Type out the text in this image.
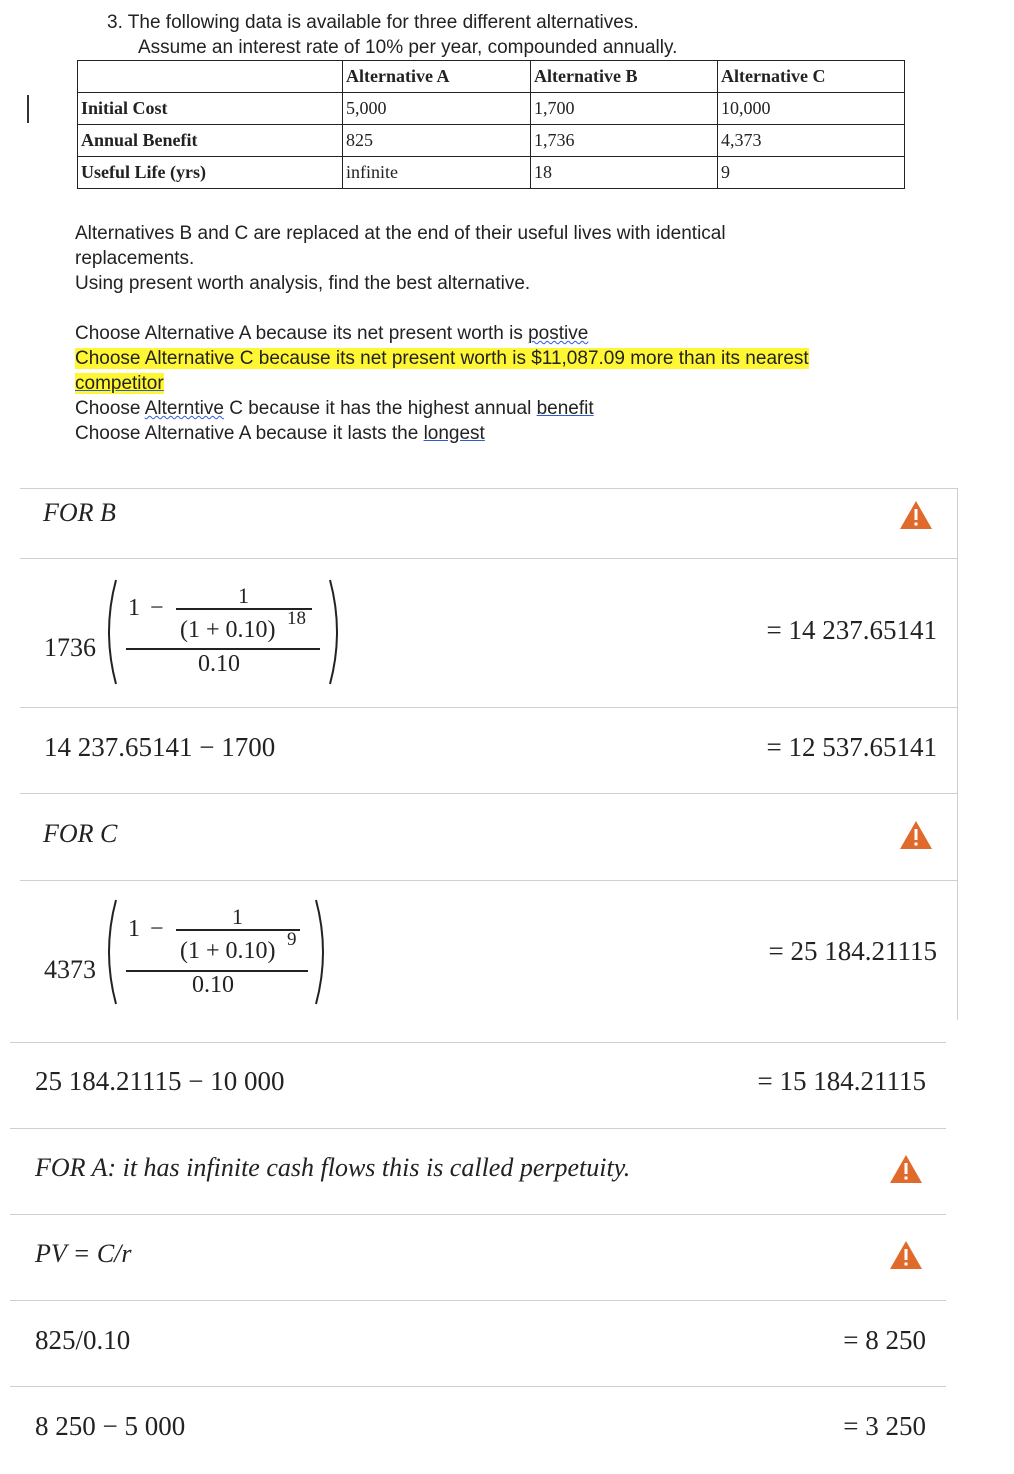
3. The following data is available for three different alternatives.
Assume an interest rate of 10% per year, compounded annually.
	Alternative A	Alternative B	Alternative C
Initial Cost	5,000	1,700	10,000
Annual Benefit	825	1,736	4,373
Useful Life (yrs)	infinite	18	9
Alternatives B and C are replaced at the end of their useful lives with identical
replacements.
Using present worth analysis, find the best alternative.
Choose Alternative A because its net present worth is postive
Choose Alternative C because its net present worth is $11,087.09 more than its nearest
competitor
Choose Alterntive C because it has the highest annual benefit
Choose Alternative A because it lasts the longest
FOR B
1736
1 −	1
(1 + 0.10) 18
0.10
= 14 237.65141
14 237.65141 − 1700	= 12 537.65141
FOR C
4373
1 −	1
(1 + 0.10) 9
0.10
= 25 184.21115
25 184.21115 − 10 000	= 15 184.21115
FOR A: it has infinite cash flows this is called perpetuity.
PV = C/r
825/0.10	= 8 250
8 250 − 5 000	= 3 250
